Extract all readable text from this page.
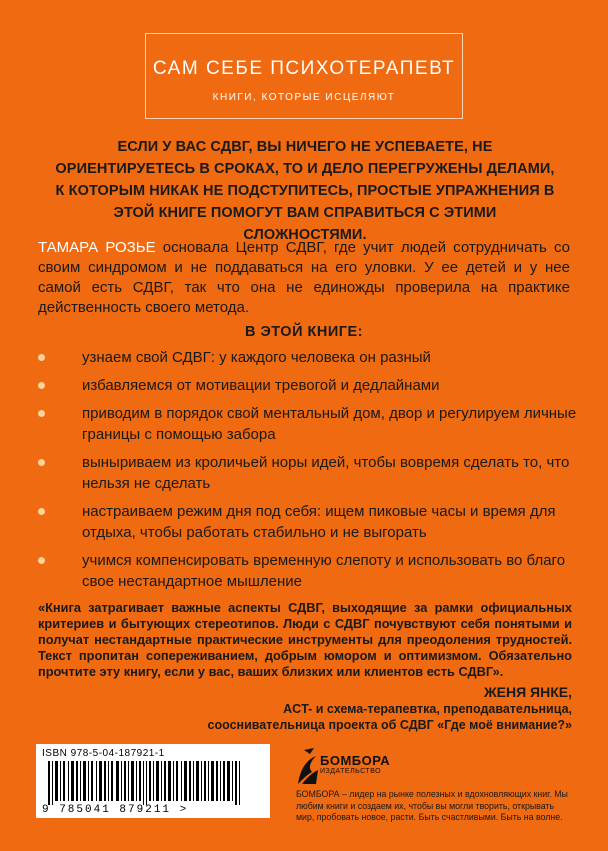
САМ СЕБЕ ПСИХОТЕРАПЕВТ
КНИГИ, КОТОРЫЕ ИСЦЕЛЯЮТ
ЕСЛИ У ВАС СДВГ, ВЫ НИЧЕГО НЕ УСПЕВАЕТЕ, НЕ ОРИЕНТИРУЕТЕСЬ В СРОКАХ, ТО И ДЕЛО ПЕРЕГРУЖЕНЫ ДЕЛАМИ, К КОТОРЫМ НИКАК НЕ ПОДСТУПИТЕСЬ, ПРОСТЫЕ УПРАЖНЕНИЯ В ЭТОЙ КНИГЕ ПОМОГУТ ВАМ СПРАВИТЬСЯ С ЭТИМИ СЛОЖНОСТЯМИ.
ТАМАРА РОЗЬЕ основала Центр СДВГ, где учит людей сотрудничать со своим синдромом и не поддаваться на его уловки. У ее детей и у нее самой есть СДВГ, так что она не единожды проверила на практике действенность своего метода.
В ЭТОЙ КНИГЕ:
узнаем свой СДВГ: у каждого человека он разный
избавляемся от мотивации тревогой и дедлайнами
приводим в порядок свой ментальный дом, двор и регулируем личные границы с помощью забора
выныриваем из кроличьей норы идей, чтобы вовремя сделать то, что нельзя не сделать
настраиваем режим дня под себя: ищем пиковые часы и время для отдыха, чтобы работать стабильно и не выгорать
учимся компенсировать временную слепоту и использовать во благо свое нестандартное мышление
«Книга затрагивает важные аспекты СДВГ, выходящие за рамки официальных критериев и бытующих стереотипов. Люди с СДВГ почувствуют себя понятыми и получат нестандартные практические инструменты для преодоления трудностей. Текст пропитан сопереживанием, добрым юмором и оптимизмом. Обязательно прочтите эту книгу, если у вас, ваших близких или клиентов есть СДВГ».
ЖЕНЯ ЯНКЕ,
ACT- и схема-терапевтка, преподавательница,
сооснивательница проекта об СДВГ «Где моё внимание?»
ISBN 978-5-04-187921-1
9 785041 879211 >
БОМБОРА
ИЗДАТЕЛЬСТВО
БОМБОРА – лидер на рынке полезных и вдохновляющих книг. Мы любим книги и создаем их, чтобы вы могли творить, открывать мир, пробовать новое, расти. Быть счастливыми. Быть на волне.
